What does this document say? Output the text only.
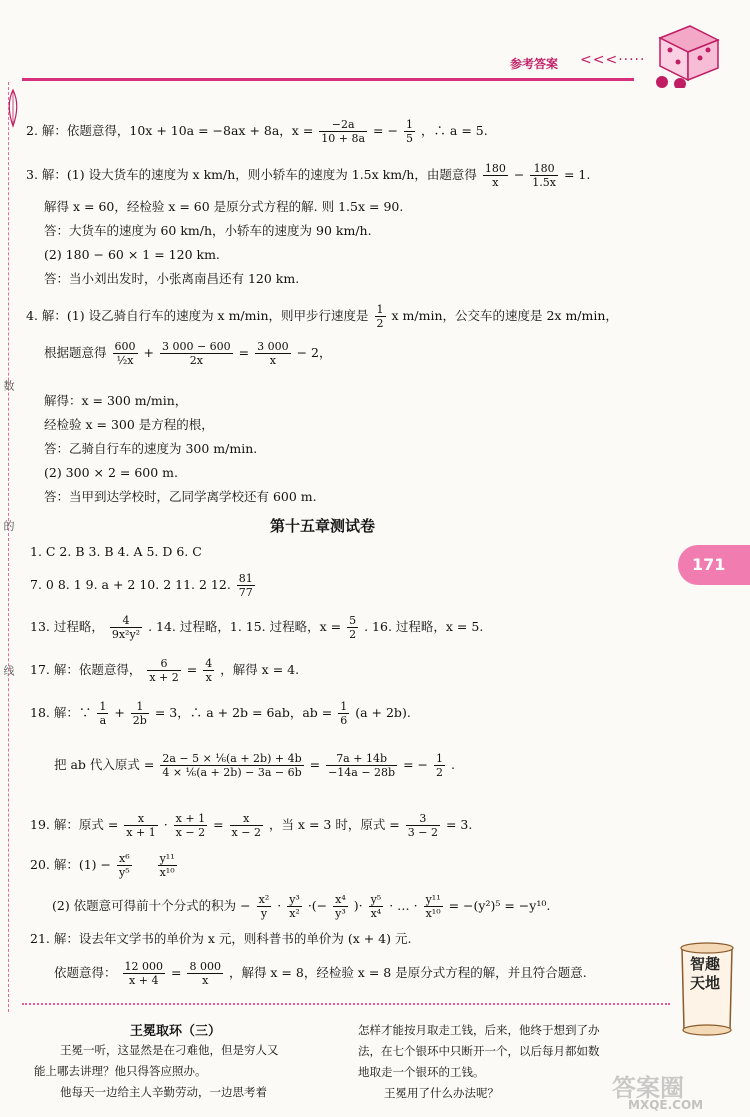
参考答案 <<<·····
数
的
线
171
2. 解：依题意得，10x + 10a = −8ax + 8a，$x = \frac{-2a}{10 + 8a}$ = − $\frac{1}{5}$ ，∴ a = 5.
3. 解：(1) 设大货车的速度为 x km/h，则小轿车的速度为 1.5x km/h，由题意得 $\frac{180}{x} - \frac{180}{1.5x} = 1$.
解得 x = 60，经检验 x = 60 是原分式方程的解. 则 1.5x = 90.
答：大货车的速度为 60 km/h，小轿车的速度为 90 km/h.
(2) 180 − 60 × 1 = 120 km.
答：当小刘出发时，小张离南昌还有 120 km.
4. 解：(1) 设乙骑自行车的速度为 x m/min，则甲步行速度是 $\frac{1}{2}$ x m/min，公交车的速度是 2x m/min，
根据题意得 $\frac{600}{\text{½x}} + \frac{3 000 - 600}{2x} = \frac{3 000}{x} - 2$，
解得：x = 300 m/min，
经检验 x = 300 是方程的根，
答：乙骑自行车的速度为 300 m/min.
(2) 300 × 2 = 600 m.
答：当甲到达学校时，乙同学离学校还有 600 m.
第十五章测试卷
1. C 2. B 3. B 4. A 5. D 6. C
7. 0 8. 1 9. a + 2 10. 2 11. 2 12. $\frac{81}{77}$
13. 过程略， $\frac{4}{\text{9x²y²}}$ . 14. 过程略，1. 15. 过程略，$x = \frac{5}{2}$ . 16. 过程略，x = 5.
17. 解：依题意得， $\frac{6}{x + 2} = \frac{4}{x}$ ，解得 x = 4.
18. 解：∵ $\frac{1}{a} + \frac{1}{2b} = 3$，∴ a + 2b = 6ab，ab = $\frac{1}{6} (a + 2b)$.
把 ab 代入原式 = $\frac{\text{2a − 5 × ⅙(a + 2b) + 4b}}{\text{4 × ⅙(a + 2b) − 3a − 6b}} = \frac{7a + 14b}{-14a - 28b}$ = − $\frac{1}{2}$ .
19. 解：原式 = $\frac{x}{x + 1} \cdot \frac{x + 1}{x - 2} = \frac{x}{x - 2}$ ，当 x = 3 时，原式 = $\frac{3}{3 - 2} = 3$.
20. 解：$(1) - \frac{\text{x⁶}}{\text{y⁵}}$
$\frac{\text{y¹¹}}{\text{x¹⁰}}$
(2) 依题意可得前十个分式的积为 − $\frac{\text{x²}}{y} \cdot \frac{\text{y³}}{\text{x²}}$ ·(− $\frac{\text{x⁴}}{\text{y³}}$ )· $\frac{\text{y⁵}}{\text{x⁴}}$ · … · $\frac{\text{y¹¹}}{\text{x¹⁰}} = -(y^2)^5 = -y^{10}$.
21. 解：设去年文学书的单价为 x 元，则科普书的单价为 (x + 4) 元.
依题意得： $\frac{12 000}{x + 4} = \frac{8 000}{x}$ ，解得 x = 8，经检验 x = 8 是原分式方程的解，并且符合题意.	智趣天地
王冕取环（三）
王冕一听，这显然是在刁难他，但是穷人又
能上哪去讲理？他只得答应照办。
他每天一边给主人辛勤劳动，一边思考着
怎样才能按月取走工钱，后来，他终于想到了办
法，在七个银环中只断开一个，以后每月都如数
地取走一个银环的工钱。
王冕用了什么办法呢？	答案圈
MXQE.COM
